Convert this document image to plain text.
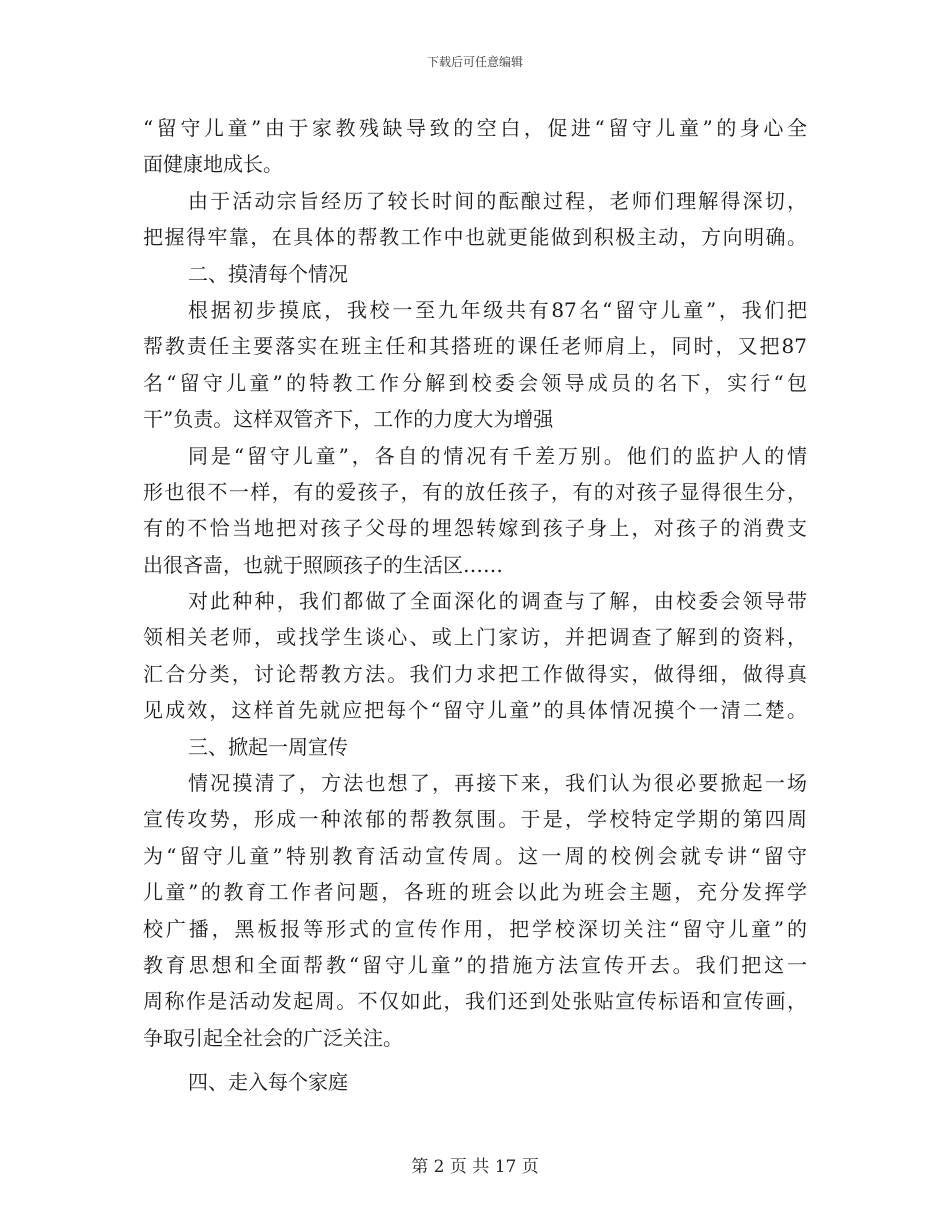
下载后可任意编辑
“留守儿童”由于家教残缺导致的空白，促进“留守儿童”的身心全
面健康地成长。
由于活动宗旨经历了较长时间的酝酿过程，老师们理解得深切，
把握得牢靠，在具体的帮教工作中也就更能做到积极主动，方向明确。
二、摸清每个情况
根据初步摸底，我校一至九年级共有87名“留守儿童”，我们把
帮教责任主要落实在班主任和其搭班的课任老师肩上，同时，又把87
名“留守儿童”的特教工作分解到校委会领导成员的名下，实行“包
干”负责。这样双管齐下，工作的力度大为增强
同是“留守儿童”，各自的情况有千差万别。他们的监护人的情
形也很不一样，有的爱孩子，有的放任孩子，有的对孩子显得很生分，
有的不恰当地把对孩子父母的埋怨转嫁到孩子身上，对孩子的消费支
出很吝啬，也就于照顾孩子的生活区……
对此种种，我们都做了全面深化的调查与了解，由校委会领导带
领相关老师，或找学生谈心、或上门家访，并把调查了解到的资料，
汇合分类，讨论帮教方法。我们力求把工作做得实，做得细，做得真
见成效，这样首先就应把每个“留守儿童”的具体情况摸个一清二楚。
三、掀起一周宣传
情况摸清了，方法也想了，再接下来，我们认为很必要掀起一场
宣传攻势，形成一种浓郁的帮教氛围。于是，学校特定学期的第四周
为“留守儿童”特别教育活动宣传周。这一周的校例会就专讲“留守
儿童”的教育工作者问题，各班的班会以此为班会主题，充分发挥学
校广播，黑板报等形式的宣传作用，把学校深切关注“留守儿童”的
教育思想和全面帮教“留守儿童”的措施方法宣传开去。我们把这一
周称作是活动发起周。不仅如此，我们还到处张贴宣传标语和宣传画，
争取引起全社会的广泛关注。
四、走入每个家庭
第 2 页 共 17 页
